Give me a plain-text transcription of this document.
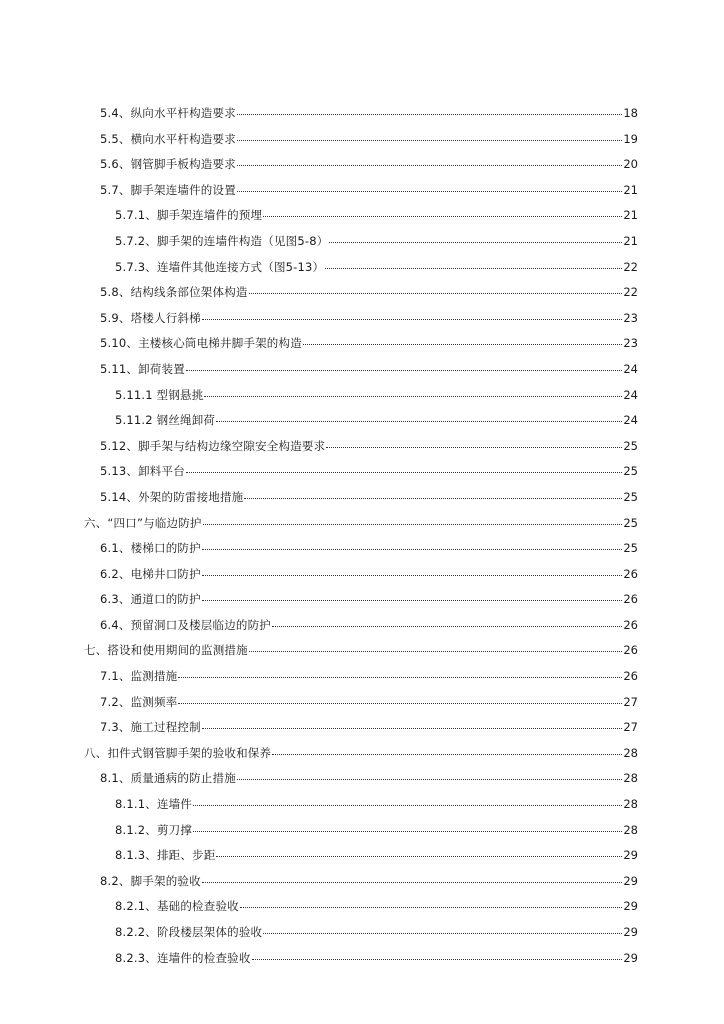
5.4、纵向水平杆构造要求	18
5.5、横向水平杆构造要求	19
5.6、钢管脚手板构造要求	20
5.7、脚手架连墙件的设置	21
5.7.1、脚手架连墙件的预埋	21
5.7.2、脚手架的连墙件构造（见图5-8）	21
5.7.3、连墙件其他连接方式（图5-13）	22
5.8、结构线条部位架体构造	22
5.9、塔楼人行斜梯	23
5.10、主楼核心筒电梯井脚手架的构造	23
5.11、卸荷装置	24
5.11.1 型钢悬挑	24
5.11.2 钢丝绳卸荷	24
5.12、脚手架与结构边缘空隙安全构造要求	25
5.13、卸料平台	25
5.14、外架的防雷接地措施	25
六、“四口”与临边防护	25
6.1、楼梯口的防护	25
6.2、电梯井口防护	26
6.3、通道口的防护	26
6.4、预留洞口及楼层临边的防护	26
七、搭设和使用期间的监测措施	26
7.1、监测措施	26
7.2、监测频率	27
7.3、施工过程控制	27
八、扣件式钢管脚手架的验收和保养	28
8.1、质量通病的防止措施	28
8.1.1、连墙件	28
8.1.2、剪刀撑	28
8.1.3、排距、步距	29
8.2、脚手架的验收	29
8.2.1、基础的检查验收	29
8.2.2、阶段楼层架体的验收	29
8.2.3、连墙件的检查验收	29
